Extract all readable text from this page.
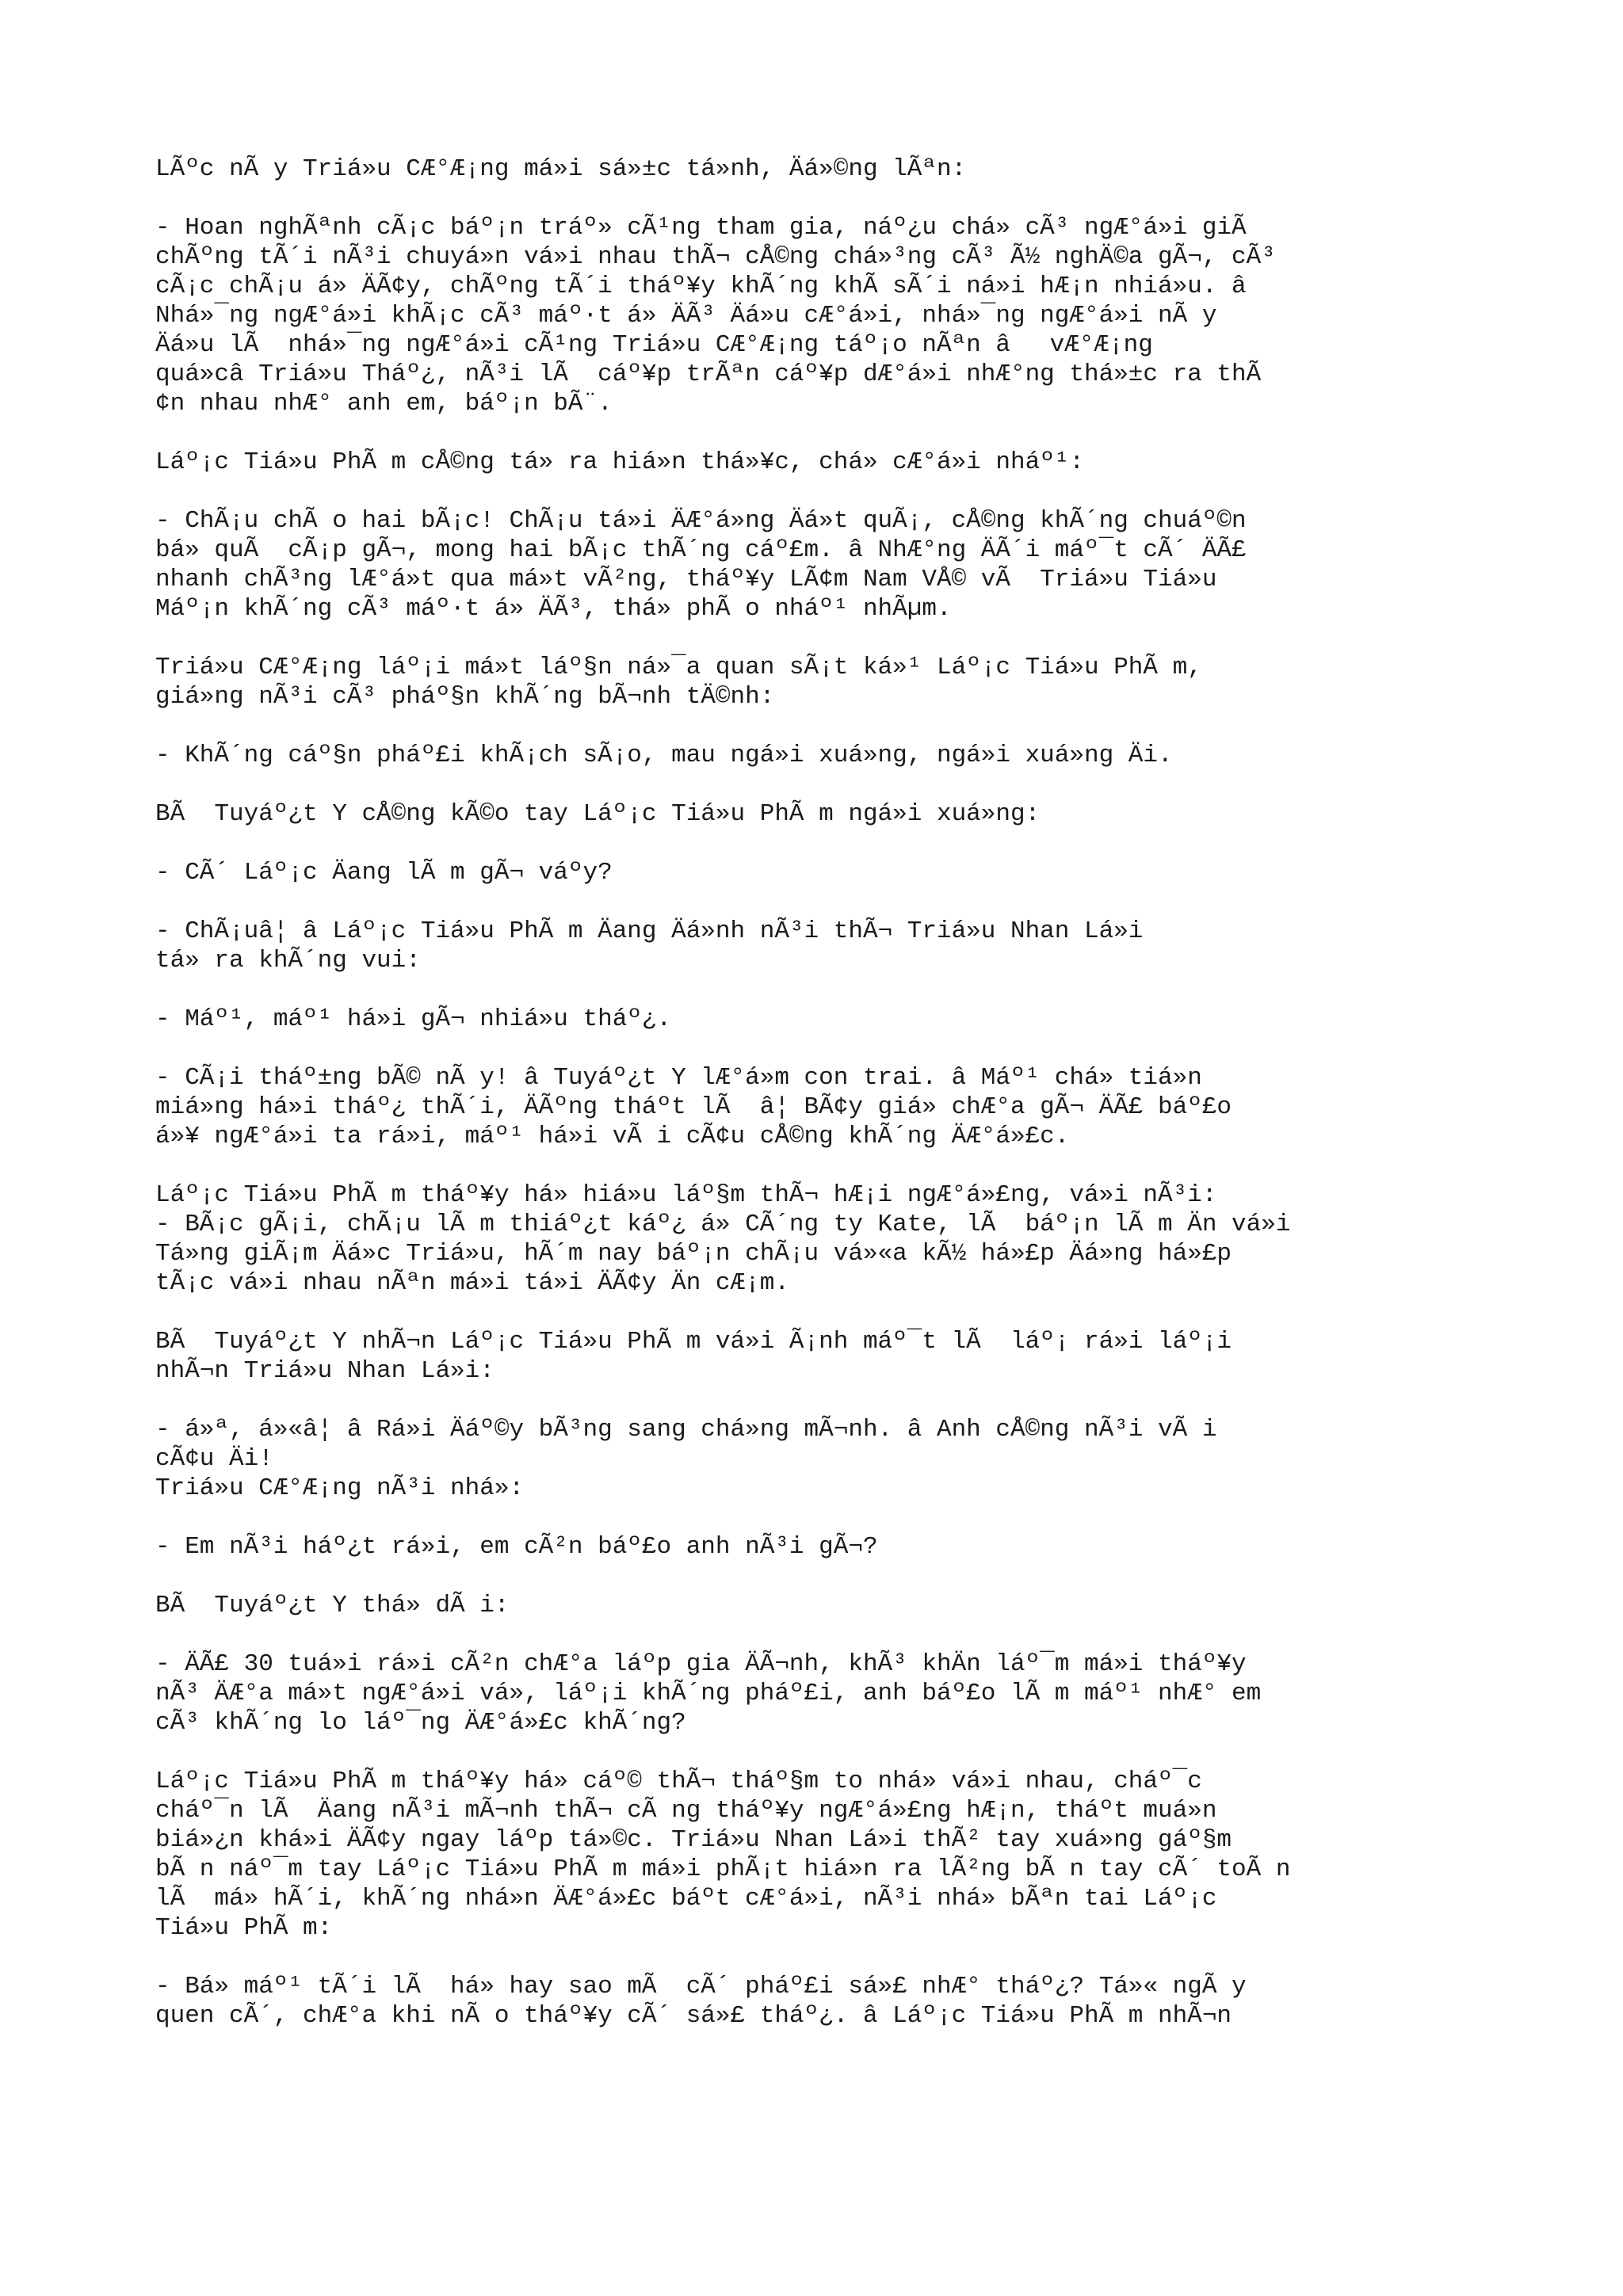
LÃºc nÃ y Triá»u CÆ°Æ¡ng má»i sá»±c tá»nh, Äá»©ng lÃªn:

- Hoan nghÃªnh cÃ¡c báº¡n tráº» cÃ¹ng tham gia, náº¿u chá» cÃ³ ngÆ°á»i giÃ
chÃºng tÃ´i nÃ³i chuyá»n vá»i nhau thÃ¬ cÅ©ng chá»³ng cÃ³ Ã½ nghÄ©a gÃ¬, cÃ³
cÃ¡c chÃ¡u á» ÄÃ¢y, chÃºng tÃ´i tháº¥y khÃ´ng khÃ sÃ´i ná»i hÆ¡n nhiá»u. â
Nhá»¯ng ngÆ°á»i khÃ¡c cÃ³ máº·t á» ÄÃ³ Äá»u cÆ°á»i, nhá»¯ng ngÆ°á»i nÃ y
Äá»u lÃ  nhá»¯ng ngÆ°á»i cÃ¹ng Triá»u CÆ°Æ¡ng táº¡o nÃªn âvÆ°Æ¡ng
quá»câ Triá»u Tháº¿, nÃ³i lÃ  cáº¥p trÃªn cáº¥p dÆ°á»i nhÆ°ng thá»±c ra thÃ
¢n nhau nhÆ° anh em, báº¡n bÃ¨.

Láº¡c Tiá»u PhÃ m cÅ©ng tá» ra hiá»n thá»¥c, chá» cÆ°á»i nháº¹:

- ChÃ¡u chÃ o hai bÃ¡c! ChÃ¡u tá»i ÄÆ°á»ng Äá»t quÃ¡, cÅ©ng khÃ´ng chuáº©n
bá» quÃ  cÃ¡p gÃ¬, mong hai bÃ¡c thÃ´ng cáº£m. â NhÆ°ng ÄÃ´i máº¯t cÃ´ ÄÃ£
nhanh chÃ³ng lÆ°á»t qua má»t vÃ²ng, tháº¥y LÃ¢m Nam VÅ© vÃ  Triá»u Tiá»u
Máº¡n khÃ´ng cÃ³ máº·t á» ÄÃ³, thá» phÃ o nháº¹ nhÃµm.

Triá»u CÆ°Æ¡ng láº¡i má»t láº§n ná»¯a quan sÃ¡t ká»¹ Láº¡c Tiá»u PhÃ m,
giá»ng nÃ³i cÃ³ pháº§n khÃ´ng bÃ¬nh tÄ©nh:

- KhÃ´ng cáº§n pháº£i khÃ¡ch sÃ¡o, mau ngá»i xuá»ng, ngá»i xuá»ng Äi.

BÃ  Tuyáº¿t Y cÅ©ng kÃ©o tay Láº¡c Tiá»u PhÃ m ngá»i xuá»ng:

- CÃ´ Láº¡c Äang lÃ m gÃ¬ váºy?

- ChÃ¡uâ¦ â Láº¡c Tiá»u PhÃ m Äang Äá»nh nÃ³i thÃ¬ Triá»u Nhan Lá»i
tá» ra khÃ´ng vui:

- Máº¹, máº¹ há»i gÃ¬ nhiá»u tháº¿.

- CÃ¡i tháº±ng bÃ© nÃ y! â Tuyáº¿t Y lÆ°á»m con trai. â Máº¹ chá» tiá»n
miá»ng há»i tháº¿ thÃ´i, ÄÃºng tháºt lÃ  â¦ BÃ¢y giá» chÆ°a gÃ¬ ÄÃ£ báº£o
á»¥ ngÆ°á»i ta rá»i, máº¹ há»i vÃ i cÃ¢u cÅ©ng khÃ´ng ÄÆ°á»£c.

Láº¡c Tiá»u PhÃ m tháº¥y há» hiá»u láº§m thÃ¬ hÆ¡i ngÆ°á»£ng, vá»i nÃ³i:
- BÃ¡c gÃ¡i, chÃ¡u lÃ m thiáº¿t káº¿ á» CÃ´ng ty Kate, lÃ  báº¡n lÃ m Än vá»i
Tá»ng giÃ¡m Äá»c Triá»u, hÃ´m nay báº¡n chÃ¡u vá»«a kÃ½ há»£p Äá»ng há»£p
tÃ¡c vá»i nhau nÃªn má»i tá»i ÄÃ¢y Än cÆ¡m.

BÃ  Tuyáº¿t Y nhÃ¬n Láº¡c Tiá»u PhÃ m vá»i Ã¡nh máº¯t lÃ  láº¡ rá»i láº¡i
nhÃ¬n Triá»u Nhan Lá»i:

- á»ª, á»«â¦ â Rá»i Äáº©y bÃ³ng sang chá»ng mÃ¬nh. â Anh cÅ©ng nÃ³i vÃ i
cÃ¢u Äi!

Triá»u CÆ°Æ¡ng nÃ³i nhá»:

- Em nÃ³i háº¿t rá»i, em cÃ²n báº£o anh nÃ³i gÃ¬?

BÃ  Tuyáº¿t Y thá» dÃ i:

- ÄÃ£ 30 tuá»i rá»i cÃ²n chÆ°a láºp gia ÄÃ¬nh, khÃ³ khÄn láº¯m má»i tháº¥y
nÃ³ ÄÆ°a má»t ngÆ°á»i vá», láº¡i khÃ´ng pháº£i, anh báº£o lÃ m máº¹ nhÆ° em
cÃ³ khÃ´ng lo láº¯ng ÄÆ°á»£c khÃ´ng?

Láº¡c Tiá»u PhÃ m tháº¥y há» cáº© thÃ¬ tháº§m to nhá» vá»i nhau, cháº¯c
cháº¯n lÃ  Äang nÃ³i mÃ¬nh thÃ¬ cÃ ng tháº¥y ngÆ°á»£ng hÆ¡n, tháºt muá»n
biá»¿n khá»i ÄÃ¢y ngay láºp tá»©c. Triá»u Nhan Lá»i thÃ² tay xuá»ng gáº§m
bÃ n náº¯m tay Láº¡c Tiá»u PhÃ m má»i phÃ¡t hiá»n ra lÃ²ng bÃ n tay cÃ´ toÃ n
lÃ  má» hÃ´i, khÃ´ng nhá»n ÄÆ°á»£c báºt cÆ°á»i, nÃ³i nhá» bÃªn tai Láº¡c
Tiá»u PhÃ m:

- Bá» máº¹ tÃ´i lÃ  há» hay sao mÃ  cÃ´ pháº£i sá»£ nhÆ° tháº¿? Tá»« ngÃ y
quen cÃ´, chÆ°a khi nÃ o tháº¥y cÃ´ sá»£ tháº¿. â Láº¡c Tiá»u PhÃ m nhÃ¬n
